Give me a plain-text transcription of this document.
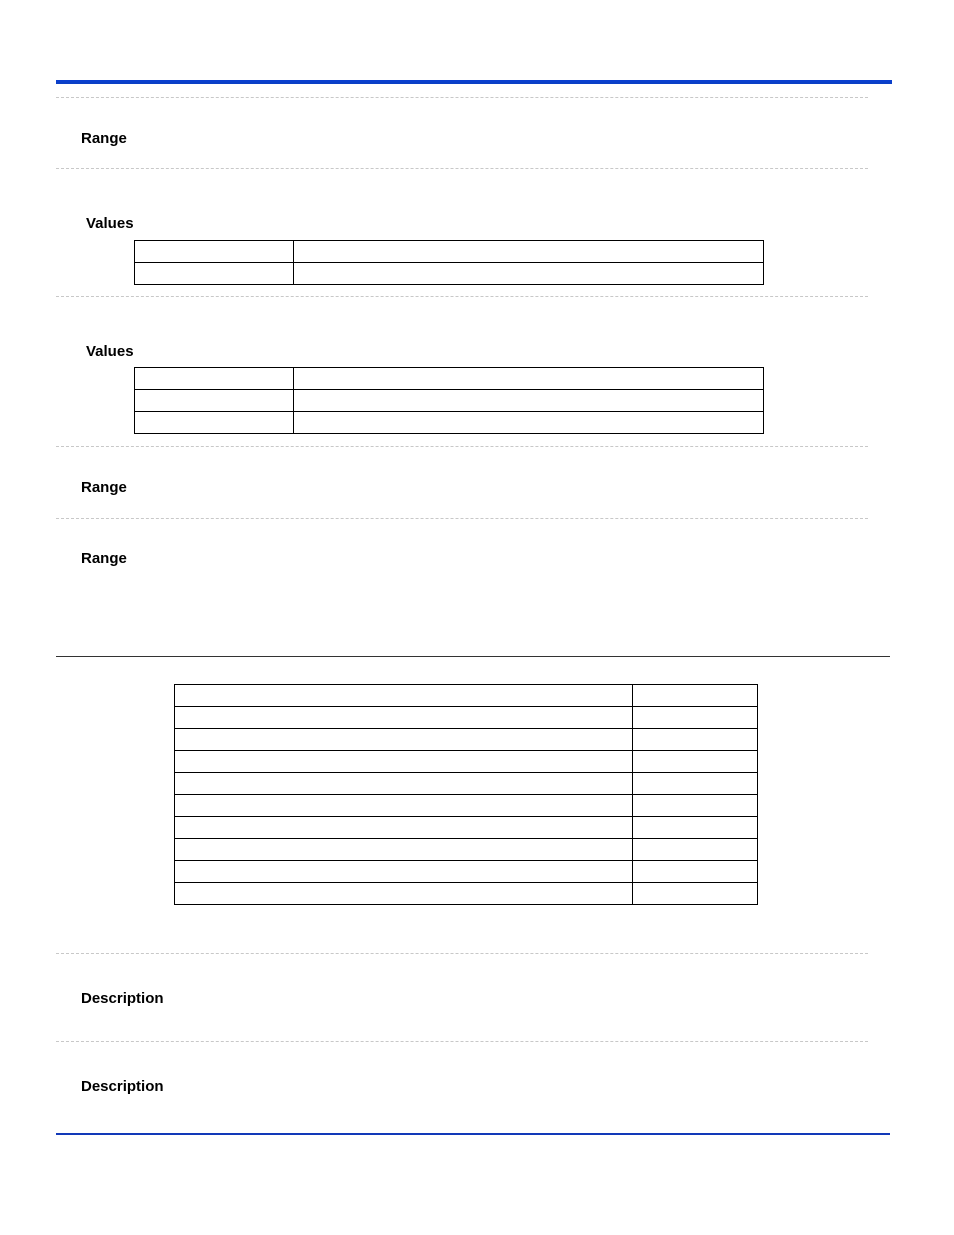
Range
Values

Values

Range
Range

Description
Description
